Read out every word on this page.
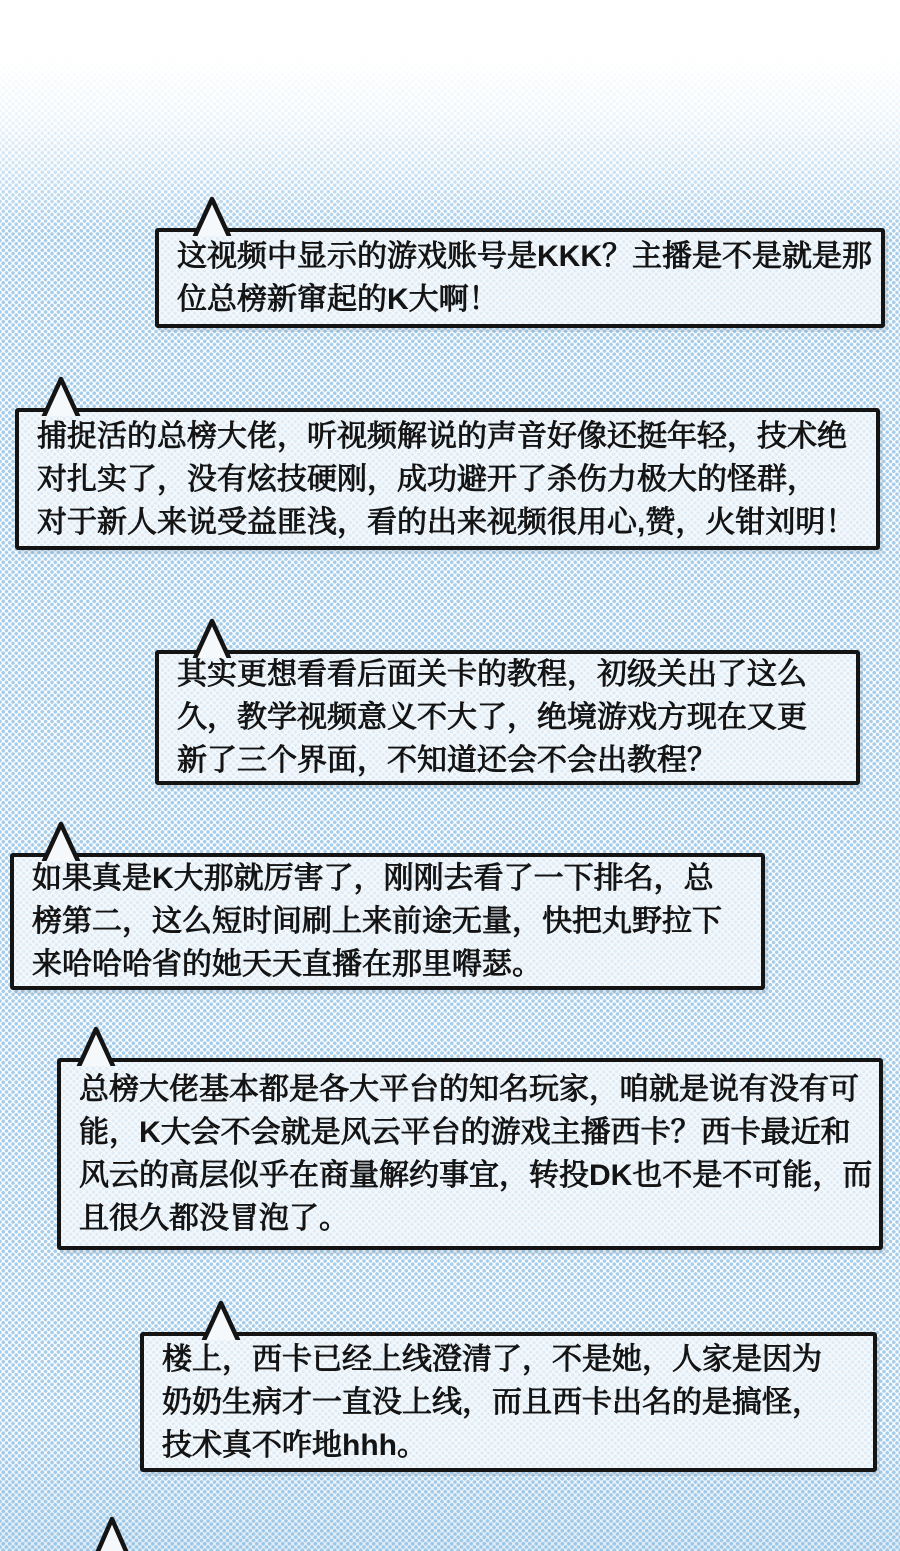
这视频中显示的游戏账号是KKK？主播是不是就是那
位总榜新窜起的K大啊！
捕捉活的总榜大佬，听视频解说的声音好像还挺年轻，技术绝
对扎实了，没有炫技硬刚，成功避开了杀伤力极大的怪群，
对于新人来说受益匪浅，看的出来视频很用心,赞，火钳刘明！
其实更想看看后面关卡的教程，初级关出了这么
久，教学视频意义不大了，绝境游戏方现在又更
新了三个界面，不知道还会不会出教程？
如果真是K大那就厉害了，刚刚去看了一下排名，总
榜第二，这么短时间刷上来前途无量，快把丸野拉下
来哈哈哈省的她天天直播在那里嘚瑟。
总榜大佬基本都是各大平台的知名玩家，咱就是说有没有可
能，K大会不会就是风云平台的游戏主播西卡？西卡最近和
风云的高层似乎在商量解约事宜，转投DK也不是不可能，而
且很久都没冒泡了。
楼上，西卡已经上线澄清了，不是她，人家是因为
奶奶生病才一直没上线，而且西卡出名的是搞怪，
技术真不咋地hhh。
